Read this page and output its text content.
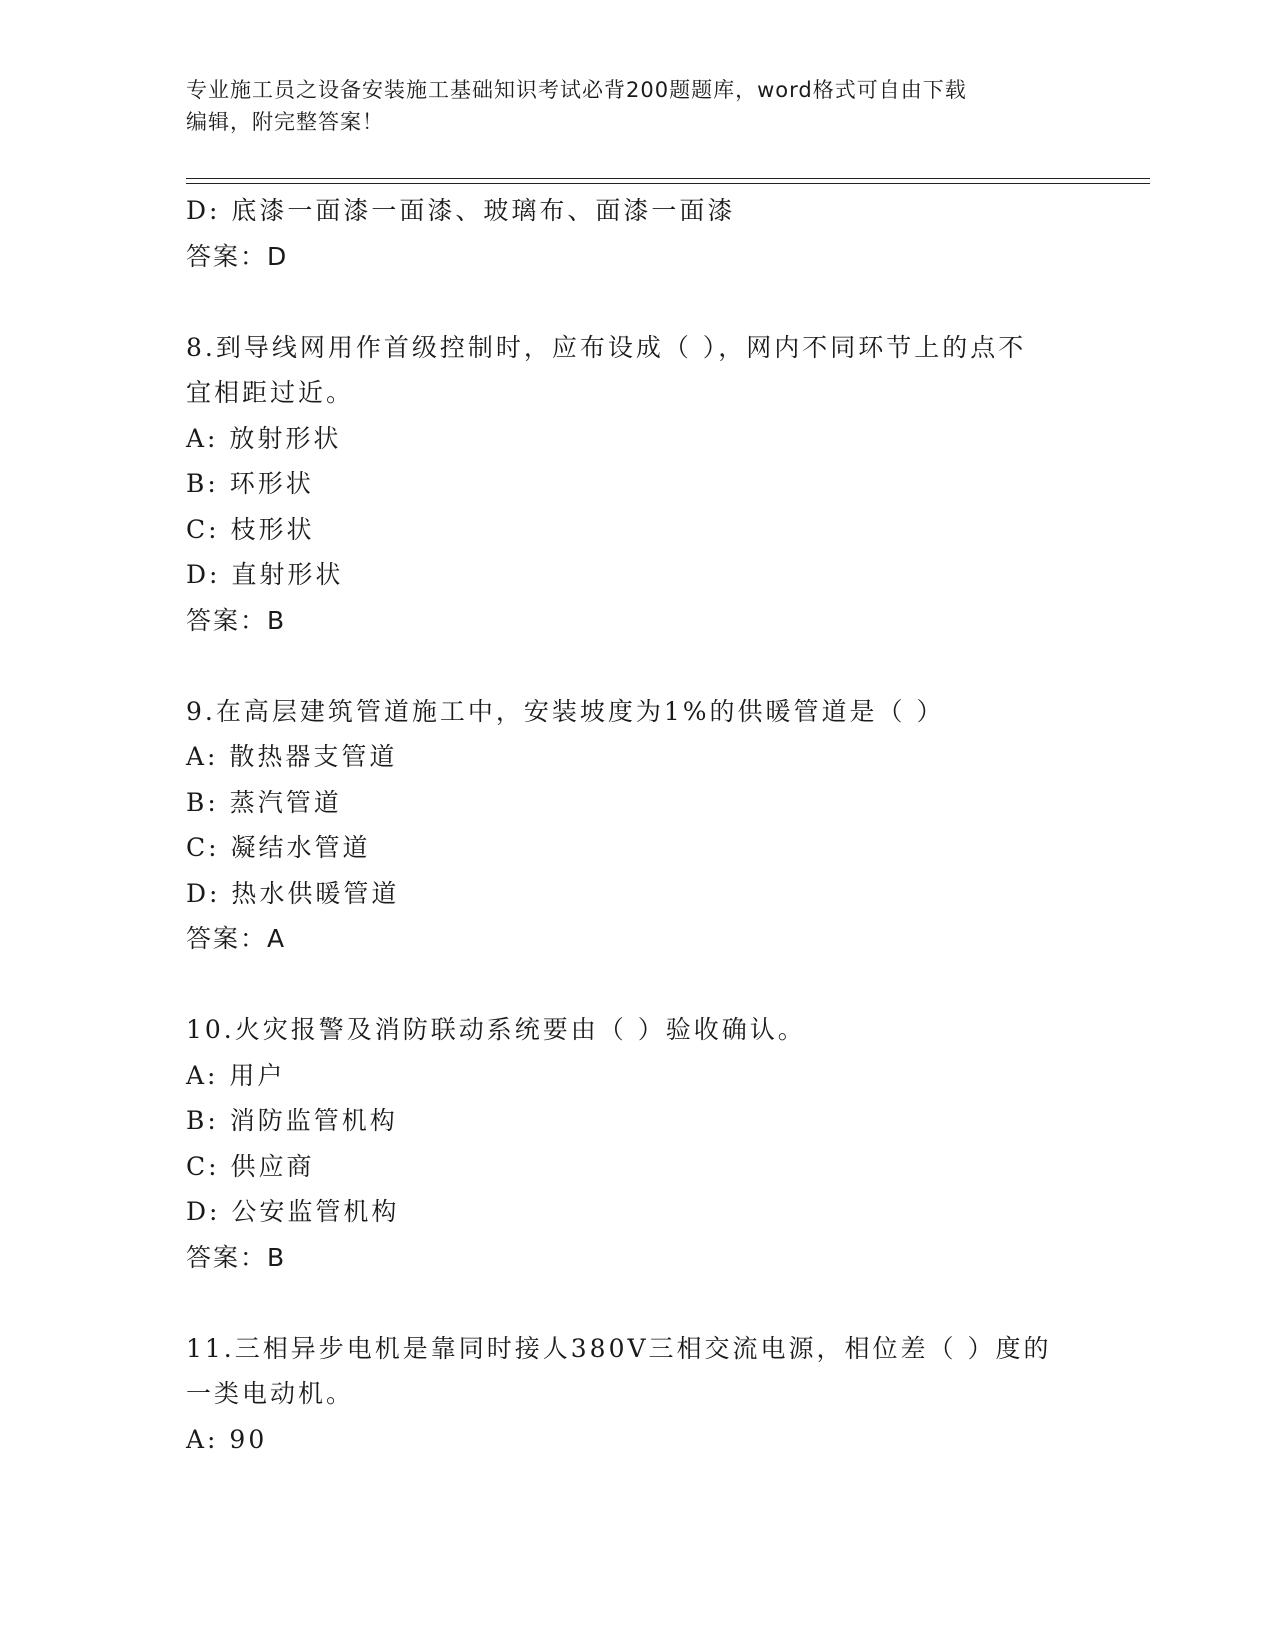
专业施工员之设备安装施工基础知识考试必背200题题库，word格式可自由下载
编辑，附完整答案！
D: 底漆一面漆一面漆、玻璃布、面漆一面漆
答案：D
8.到导线网用作首级控制时，应布设成（ ），网内不同环节上的点不
宜相距过近。
A: 放射形状
B: 环形状
C: 枝形状
D: 直射形状
答案：B
9.在高层建筑管道施工中，安装坡度为1%的供暖管道是（ ）
A: 散热器支管道
B: 蒸汽管道
C: 凝结水管道
D: 热水供暖管道
答案：A
10.火灾报警及消防联动系统要由（ ）验收确认。
A: 用户
B: 消防监管机构
C: 供应商
D: 公安监管机构
答案：B
11.三相异步电机是靠同时接人380V三相交流电源，相位差（ ）度的
一类电动机。
A: 90
